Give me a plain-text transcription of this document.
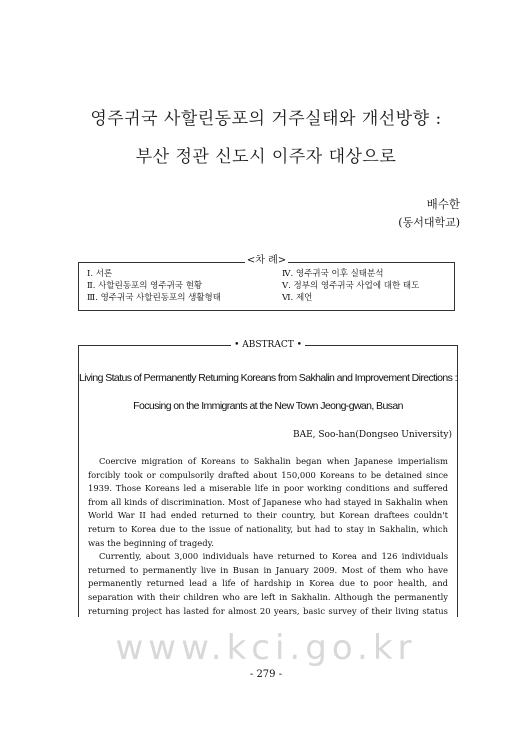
영주귀국 사할린동포의 거주실태와 개선방향 :
부산 정관 신도시 이주자 대상으로
배수한
(동서대학교)
<차 례>
Ⅰ. 서론
Ⅱ. 사할린동포의 영주귀국 현황
Ⅲ. 영주귀국 사할린동포의 생활형태
Ⅳ. 영주귀국 이후 실태분석
Ⅴ. 정부의 영주귀국 사업에 대한 태도
Ⅵ. 제언
• ABSTRACT •
Living Status of Permanently Returning Koreans from Sakhalin and Improvement Directions :
Focusing on the Immigrants at the New Town Jeong-gwan, Busan
BAE, Soo-han(Dongseo University)

Coercive migration of Koreans to Sakhalin began when Japanese imperialism forcibly took or compulsorily drafted about 150,000 Koreans to be detained since 1939. Those Koreans led a miserable life in poor working conditions and suffered from all kinds of discrimination. Most of Japanese who had stayed in Sakhalin when World War II had ended returned to their country, but Korean draftees couldn't return to Korea due to the issue of nationality, but had to stay in Sakhalin, which was the beginning of tragedy.

Currently, about 3,000 individuals have returned to Korea and 126 individuals returned to permanently live in Busan in January 2009. Most of them who have permanently returned lead a life of hardship in Korea due to poor health, and separation with their children who are left in Sakhalin. Although the permanently returning project has lasted for almost 20 years, basic survey of their living status

www.kci.go.kr
- 279 -
